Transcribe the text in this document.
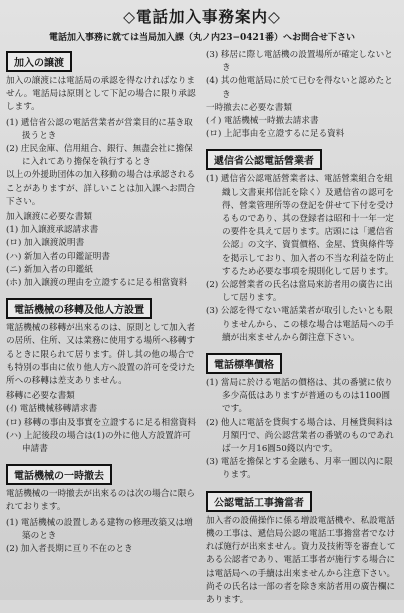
◇電話加入事務案内◇
電話加入事務に就ては当局加入課（丸ノ内23−0421番）へお問合せ下さい
加入の譲渡

加入の譲渡には電話局の承認を得なければなりません。電話局は原則として下記の場合に限り承認します。

(1) 遞信省公認の電話営業者が営業目的に基き取扱うとき
(2) 庄民金庫、信用組合、銀行、無盡会社に擔保に入れてあり擔保を執行するとき

以上の外援助団体の加入移動の場合は承認されることがありますが、詳しいことは加入課へお問合下さい。

加入譲渡に必要な書類
(1) 加入譲渡承認請求書
(ロ) 加入譲渡説明書
(ハ) 新加入者の印鑑証明書
(ニ) 新加入者の印鑑紙
(ホ) 加入譲渡の理由を立證するに足る相當資料
電話機械の移轉及他人方設置

電話機械の移轉が出來るのは、原則として加入者の居所、住所、又は業務に使用する場所へ移轉するときに限られて居ります。併し其の他の場合でも特別の事由に依り他人方へ設置の許可を受けた所への移轉は差支ありません。

移轉に必要な書類
(ｲ) 電話機械移轉請求書
(ロ) 移轉の事由及事實を立證するに足る相當資料
(ハ) 上記後段の場合は(1)の外に他人方設置許可申請書
電話機械の一時撤去

電話機械の一時撤去が出來るのは次の場合に限られております。

(1) 電話機械の設置しある建物の修理改築又は増築のとき
(2) 加入者長期に亘り不在のとき
(3) 移居に際し電話機の設置場所が確定しないとき
(4) 其の他電話局に於て已むを得ないと認めたとき
一時撤去に必要な書類
(イ) 電話機械一時撤去請求書
(ロ) 上記事由を立證するに足る資料
遞信省公認電話營業者
(1) 遞信省公認電話營業者は、電話營業組合を組織し文書東邦信託を除く）及遞信省の認可を得、營業管理所等の登記を併せて下付を受けるものであり、其の登録者は昭和十一年一定の要件を具えて居ります。店頭には「遞信省公認」の文字、資質價格、金屋、貸與條件等を掲示しており、加入者の不当な利益を防止するため必要な事項を規則化して居ります。
(2) 公認營業者の氏名は當局來訪者用の廣告に出して居ります。
(3) 公認を得てない電話業者が取引したいとも限りませんから、この様な場合は電話局への手續が出來ませんから御注意下さい。
電話標準價格
(1) 當局に於ける電話の價格は、其の番號に依り多少高低はありますが普通のものは1100圓です。
(2) 他人に電話を貸與する場合は、月極貸與料は月額円で、尚公認営業者の番號のものであれば一ケ月16圓50錢以内です。
(3) 電話を擔保とする金融も、月率一圓以內に限ります。
公認電話工事擔當者

加入者の設備操作に係る増設電話機や、私設電話機の工事は、遞信局公認の電話工事擔當者でなければ施行が出來ません。資力及技術等を審査してある公認者であり、電話工事者が施行する場合には電話局への手續は出來ませんから注意下さい。尚その氏名は一部の者を除き來訪者用の廣告欄にあります。
